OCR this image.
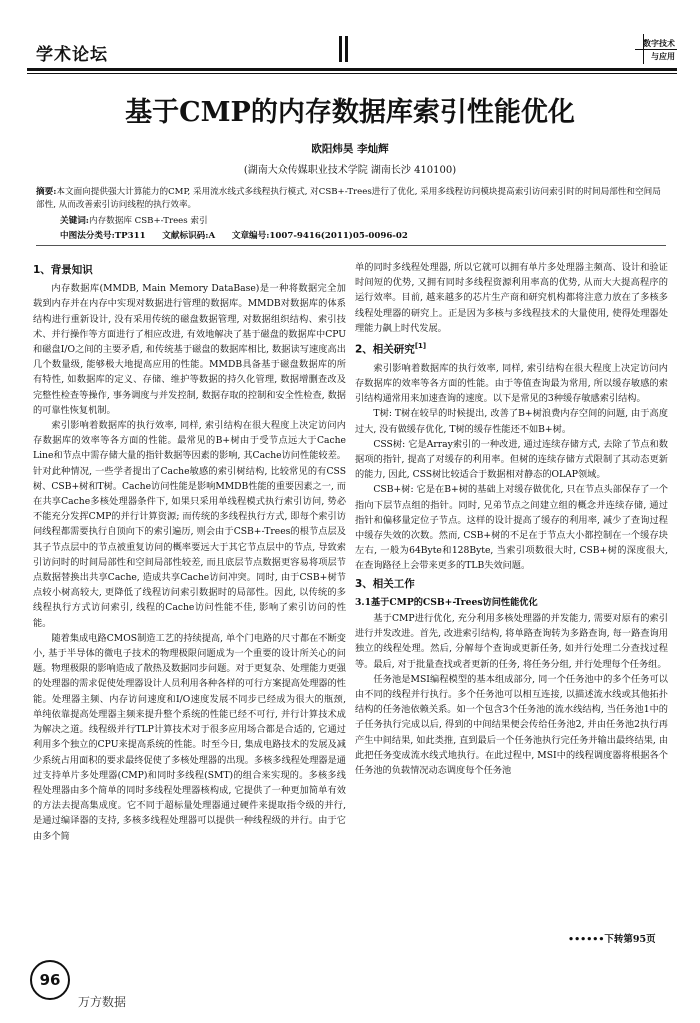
学术论坛
数字技术
与应用
基于CMP的内存数据库索引性能优化
欧阳炜昊 李灿辉
(湖南大众传媒职业技术学院 湖南长沙 410100)
摘要:本文面向提供强大计算能力的CMP, 采用流水线式多线程执行模式, 对CSB+-Trees进行了优化, 采用多线程访问模块提高索引访问索引时的时间局部性和空间局部性, 从而改善索引访问线程的执行效率。
关键词:内存数据库 CSB+-Trees 索引
中图法分类号:TP311 文献标识码:A 文章编号:1007-9416(2011)05-0096-02
1、背景知识

内存数据库(MMDB, Main Memory DataBase)是一种将数据完全加载到内存并在内存中实现对数据进行管理的数据库。MMDB对数据库的体系结构进行重新设计, 没有采用传统的磁盘数据管理, 对数据组织结构、索引技术、并行操作等方面进行了相应改进, 有效地解决了基于磁盘的数据库中CPU和磁盘I/O之间的主要矛盾, 和传统基于磁盘的数据库相比, 数据读写速度高出几个数量级, 能够极大地提高应用的性能。MMDB具备基于磁盘数据库的所有特性, 如数据库的定义、存储、维护等数据的持久化管理, 数据增删查改及完整性检查等操作, 事务调度与并发控制, 数据存取的控制和安全性检查, 数据的可靠性恢复机制。

索引影响着数据库的执行效率, 同样, 索引结构在很大程度上决定访问内存数据库的效率等各方面的性能。最常见的B+树由于受节点远大于Cache Line和节点中需存储大量的指针数据等因素的影响, 其Cache访问性能较差。针对此种情况, 一些学者提出了Cache敏感的索引树结构, 比较常见的有CSS树、CSB+树和T树。Cache访问性能是影响MMDB性能的重要因素之一, 而在共享Cache多核处理器条件下, 如果只采用单线程模式执行索引访问, 势必不能充分发挥CMP的并行计算资源; 而传统的多线程执行方式, 即每个索引访问线程都需要执行自顶向下的索引遍历, 则会由于CSB+-Trees的根节点层及其子节点层中的节点被重复访问的概率要远大于其它节点层中的节点, 导致索引访问时的时间局部性和空间局部性较差, 而且底层节点数据更容易将项层节点数据替换出共享Cache, 造成共享Cache访问冲突。同时, 由于CSB+树节点较小树高较大, 更降低了线程访问索引数据时的局部性。因此, 以传统的多线程执行方式访问索引, 线程的Cache访问性能不佳, 影响了索引访问的性能。

随着集成电路CMOS制造工艺的持续提高, 单个门电路的尺寸都在不断变小, 基于半导体的微电子技术的物理极限问题成为一个重要的设计所关心的问题。物理极限的影响造成了散热及数据同步问题。对于更复杂、处理能力更强的处理器的需求促使处理器设计人员利用各种各样的可行方案提高处理器的性能。处理器主频、内存访问速度和I/O速度发展不同步已经成为很大的瓶颈, 单纯依靠提高处理器主频来提升整个系统的性能已经不可行, 并行计算技术成为解决之道。线程级并行TLP计算技术对于很多应用场合都是合适的, 它通过利用多个独立的CPU来提高系统的性能。时至今日, 集成电路技术的发展及减少系统占用面积的要求最终促使了多核处理器的出现。多核多线程处理器是通过支持单片多处理器(CMP)和同时多线程(SMT)的组合来实现的。多核多线程处理器由多个简单的同时多线程处理器核构成, 它提供了一种更加简单有效的方法去提高集成度。它不同于超标量处理器通过硬件来提取指令级的并行, 是通过编译器的支持, 多核多线程处理器可以提供一种线程级的并行。由于它由多个简

单的同时多线程处理器, 所以它就可以拥有单片多处理器主频高、设计和验证时间短的优势, 又拥有同时多线程资源利用率高的优势, 从而大大提高程序的运行效率。目前, 越来越多的芯片生产商和研究机构都将注意力放在了多核多线程处理器的研究上。正是因为多核与多线程技术的大量使用, 使得处理器处理能力飙上时代发展。

2、相关研究[1]

索引影响着数据库的执行效率, 同样, 索引结构在很大程度上决定访问内存数据库的效率等各方面的性能。由于等值查询最为常用, 所以缓存敏感的索引结构通常用来加速查询的速度。以下是常见的3种缓存敏感索引结构。

T树: T树在较早的时候提出, 改善了B+树浪费内存空间的问题, 由于高度过大, 没有做缓存优化, T树的缓存性能还不如B+树。

CSS树: 它是Array索引的一种改进, 通过连续存储方式, 去除了节点和数据项的指针, 提高了对缓存的利用率。但树的连续存储方式限制了其动态更新的能力, 因此, CSS树比较适合于数据相对静态的OLAP领域。

CSB+树: 它是在B+树的基础上对缓存做优化, 只在节点头部保存了一个指向下层节点组的指针。同时, 兄弟节点之间建立组的概念并连续存储, 通过指针和偏移量定位子节点。这样的设计提高了缓存的利用率, 减少了查询过程中缓存失效的次数。然而, CSB+树的不足在于节点大小都控制在一个缓存块左右, 一般为64Byte和128Byte, 当索引项数很大时, CSB+树的深度很大, 在查询路径上会带来更多的TLB失效问题。

3、相关工作
3.1基于CMP的CSB+-Trees访问性能优化

基于CMP进行优化, 充分利用多核处理器的并发能力, 需要对原有的索引进行并发改进。首先, 改进索引结构, 将单路查询转为多路查询, 每一路查询用独立的线程处理。然后, 分解每个查询或更新任务, 如并行处理二分查找过程等。最后, 对于批量查找或者更新的任务, 将任务分组, 并行处理每个任务组。

任务池是MSI编程模型的基本组成部分, 同一个任务池中的多个任务可以由不同的线程并行执行。多个任务池可以相互连接, 以描述流水线或其他拓扑结构的任务池依赖关系。如一个包含3个任务池的流水线结构, 当任务池1中的子任务执行完成以后, 得到的中间结果便会传给任务池2, 并由任务池2执行再产生中间结果, 如此类推, 直到最后一个任务池执行完任务并输出最终结果, 由此把任务变成流水线式地执行。在此过程中, MSI中的线程调度器将根据各个任务池的负载情况动态调度每个任务池

••••••下转第95页
96
万方数据
